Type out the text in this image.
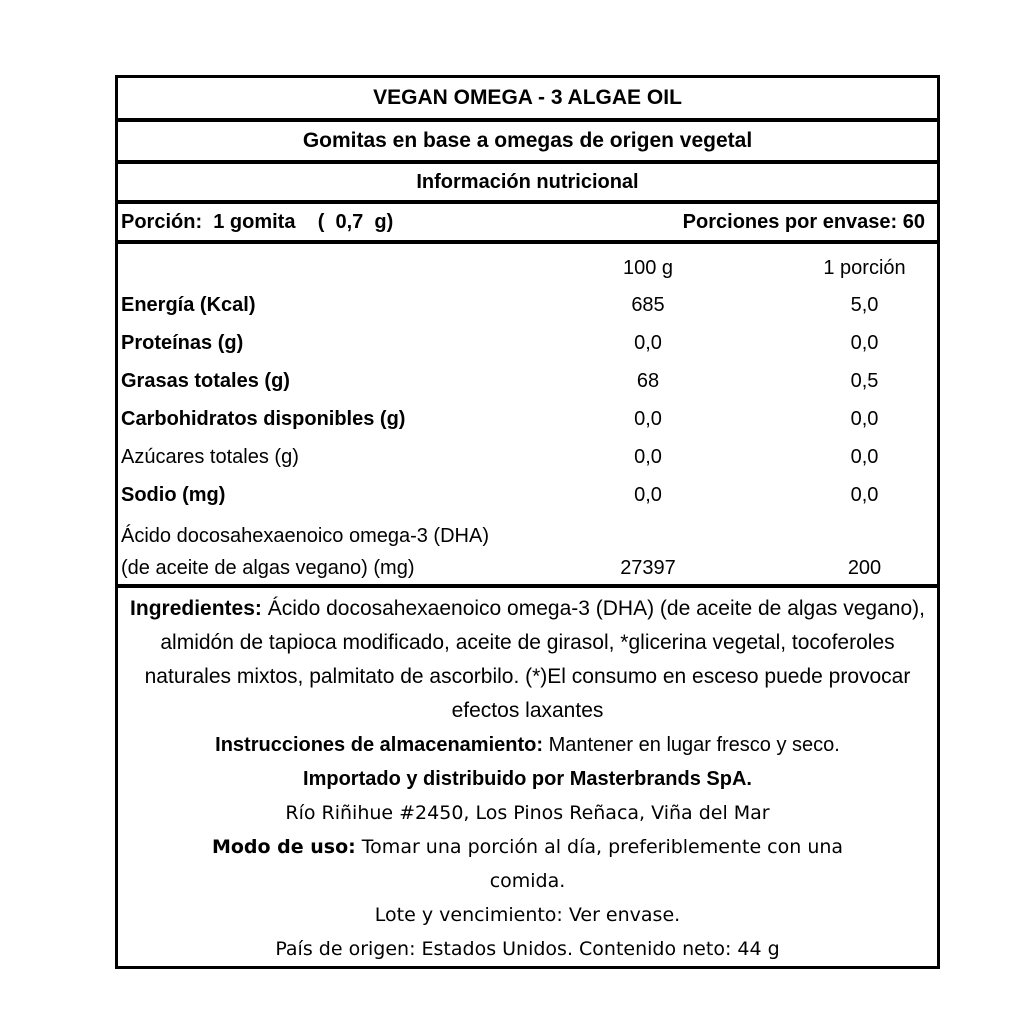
VEGAN OMEGA - 3 ALGAE OIL
Gomitas en base a omegas de origen vegetal
Información nutricional
Porción:  1 gomita    (  0,7  g)	Porciones por envase: 60
100 g	1 porción
Energía (Kcal)	685	5,0
Proteínas (g)	0,0	0,0
Grasas totales (g)	68	0,5
Carbohidratos disponibles (g)	0,0	0,0
Azúcares totales (g)	0,0	0,0
Sodio (mg)	0,0	0,0
Ácido docosahexaenoico omega-3 (DHA)
(de aceite de algas vegano) (mg)	27397	200

Ingredientes: Ácido docosahexaenoico omega-3 (DHA) (de aceite de algas vegano), almidón de tapioca modificado, aceite de girasol, *glicerina vegetal, tocoferoles naturales mixtos, palmitato de ascorbilo. (*)El consumo en esceso puede provocar efectos laxantes

Instrucciones de almacenamiento: Mantener en lugar fresco y seco.

Importado y distribuido por Masterbrands SpA.

Río Riñihue #2450, Los Pinos Reñaca, Viña del Mar

Modo de uso: Tomar una porción al día, preferiblemente con una comida.

Lote y vencimiento: Ver envase.

País de origen: Estados Unidos. Contenido neto: 44 g
